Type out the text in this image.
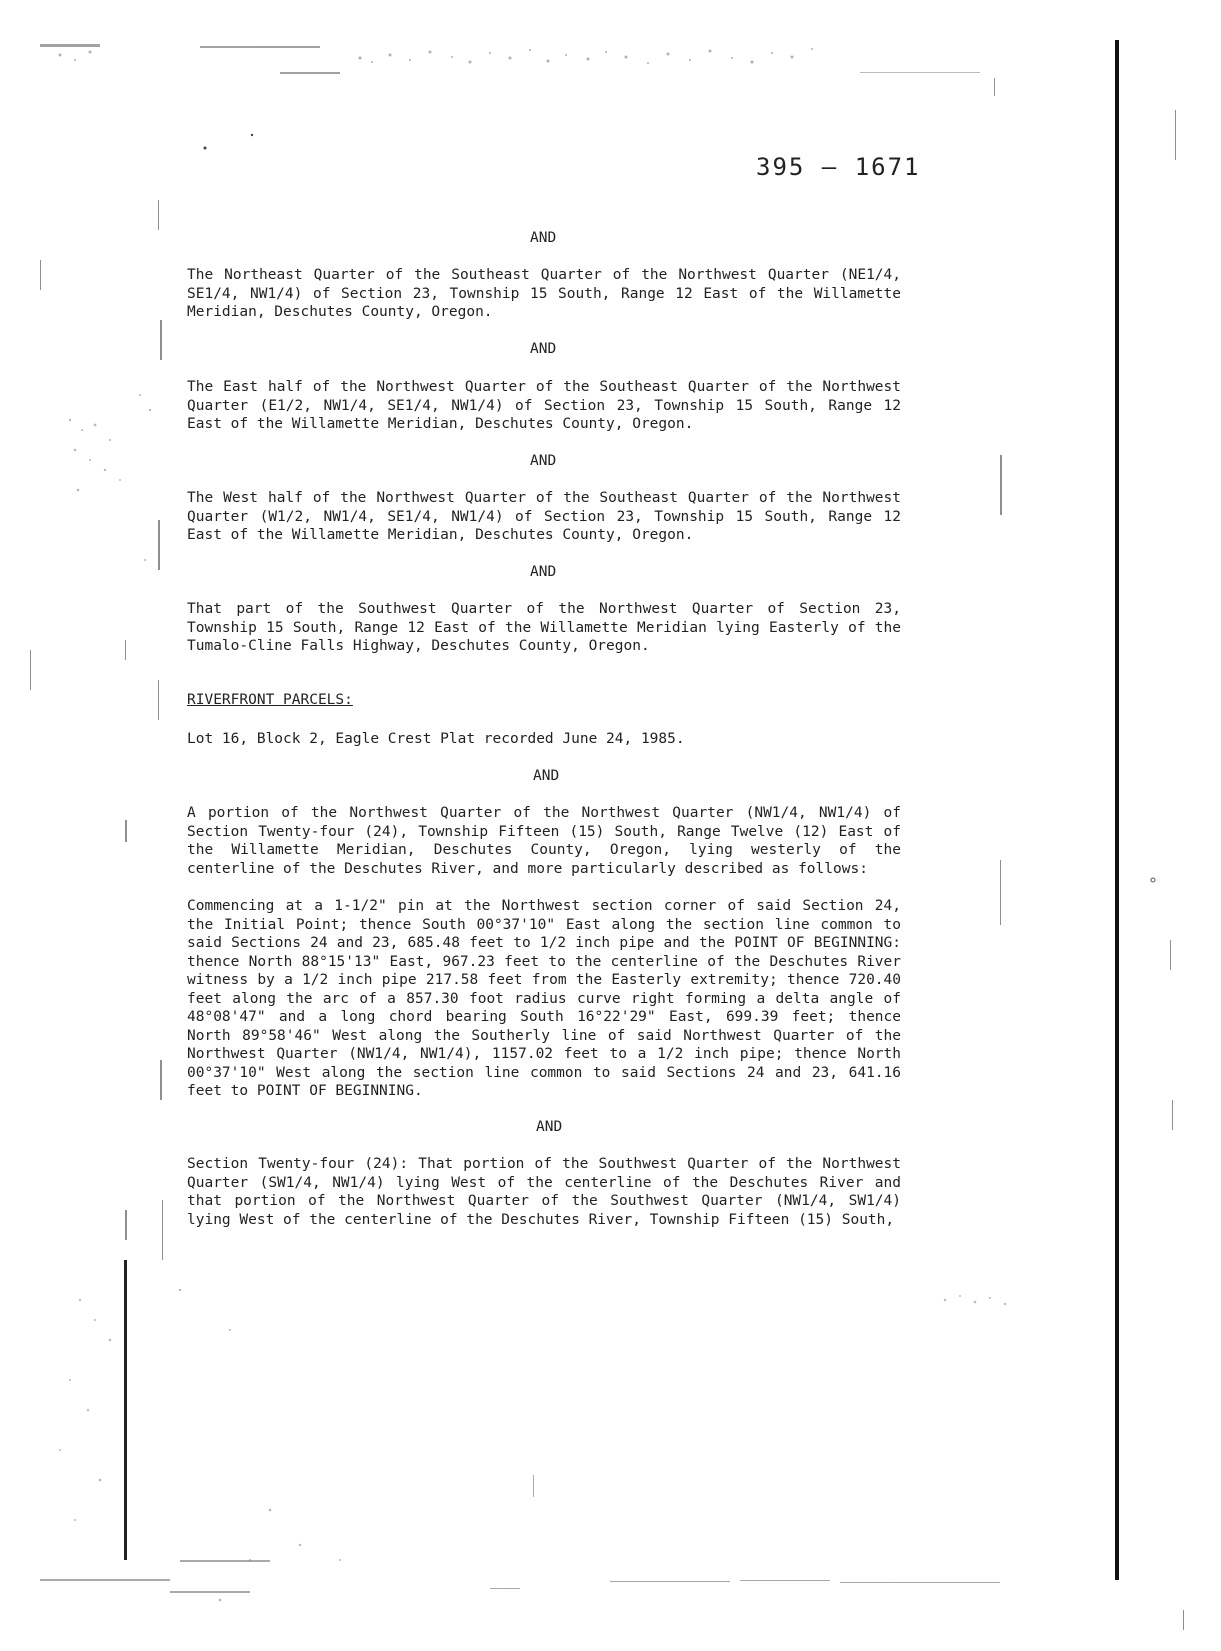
395 – 1671
AND
The Northeast Quarter of the Southeast Quarter of the Northwest Quarter (NE1/4, SE1/4, NW1/4) of Section 23, Township 15 South, Range 12 East of the Willamette Meridian, Deschutes County, Oregon.
AND
The East half of the Northwest Quarter of the Southeast Quarter of the Northwest Quarter (E1/2, NW1/4, SE1/4, NW1/4) of Section 23, Township 15 South, Range 12 East of the Willamette Meridian, Deschutes County, Oregon.
AND
The West half of the Northwest Quarter of the Southeast Quarter of the Northwest Quarter (W1/2, NW1/4, SE1/4, NW1/4) of Section 23, Township 15 South, Range 12 East of the Willamette Meridian, Deschutes County, Oregon.
AND
That part of the Southwest Quarter of the Northwest Quarter of Section 23, Township 15 South, Range 12 East of the Willamette Meridian lying Easterly of the Tumalo-Cline Falls Highway, Deschutes County, Oregon.
RIVERFRONT PARCELS:
Lot 16, Block 2, Eagle Crest Plat recorded June 24, 1985.
AND
A portion of the Northwest Quarter of the Northwest Quarter (NW1/4, NW1/4) of Section Twenty-four (24), Township Fifteen (15) South, Range Twelve (12) East of the Willamette Meridian, Deschutes County, Oregon, lying westerly of the centerline of the Deschutes River, and more particularly described as follows:
Commencing at a 1-1/2" pin at the Northwest section corner of said Section 24, the Initial Point; thence South 00°37'10" East along the section line common to said Sections 24 and 23, 685.48 feet to 1/2 inch pipe and the POINT OF BEGINNING: thence North 88°15'13" East, 967.23 feet to the centerline of the Deschutes River witness by a 1/2 inch pipe 217.58 feet from the Easterly extremity; thence 720.40 feet along the arc of a 857.30 foot radius curve right forming a delta angle of 48°08'47" and a long chord bearing South 16°22'29" East, 699.39 feet; thence North 89°58'46" West along the Southerly line of said Northwest Quarter of the Northwest Quarter (NW1/4, NW1/4), 1157.02 feet to a 1/2 inch pipe; thence North 00°37'10" West along the section line common to said Sections 24 and 23, 641.16 feet to POINT OF BEGINNING.
AND
Section Twenty-four (24): That portion of the Southwest Quarter of the Northwest Quarter (SW1/4, NW1/4) lying West of the centerline of the Deschutes River and that portion of the Northwest Quarter of the Southwest Quarter (NW1/4, SW1/4) lying West of the centerline of the Deschutes River, Township Fifteen (15) South,
